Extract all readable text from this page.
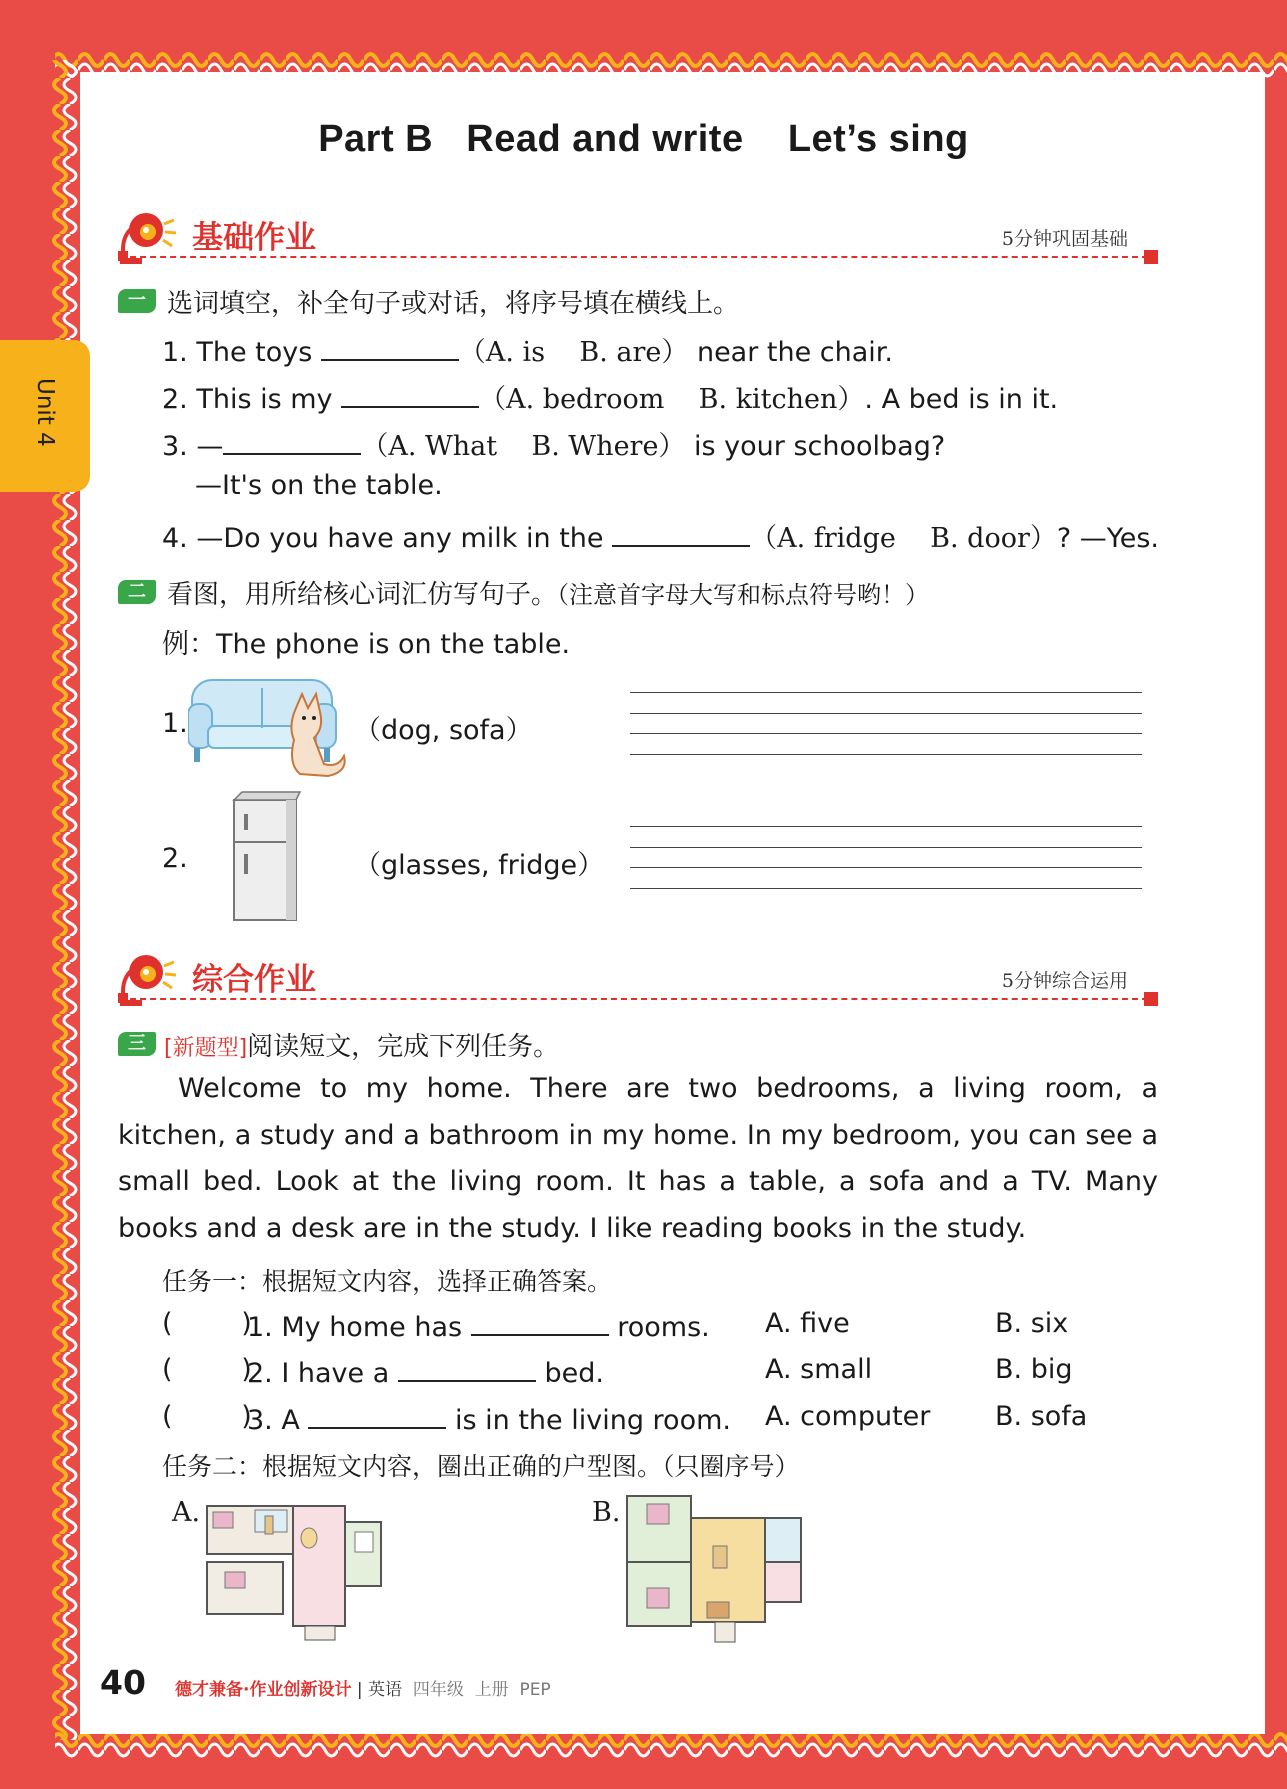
Unit 4
Part B   Read and write    Let’s sing
基础作业	5分钟巩固基础
一 选词填空，补全句子或对话，将序号填在横线上。
1. The toys	（A. is    B. are） near the chair.
2. This is my	（A. bedroom    B. kitchen）. A bed is in it.
3. —	（A. What    B. Where） is your schoolbag?
—It's on the table.
4. —Do you have any milk in the	（A. fridge    B. door）? —Yes.
二 看图，用所给核心词汇仿写句子。（注意首字母大写和标点符号哟！）
例：The phone is on the table.
1.	（dog, sofa）
2.	（glasses, fridge）
综合作业	5分钟综合运用
三 [新题型]阅读短文，完成下列任务。
Welcome to my home. There are two bedrooms, a living room, a kitchen, a study and a bathroom in my home. In my bedroom, you can see a small bed. Look at the living room. It has a table, a sofa and a TV. Many books and a desk are in the study. I like reading books in the study.
任务一：根据短文内容，选择正确答案。
(        )
1. My home has	rooms. A. five	B. six
(        )
2. I have a	bed.	A. small	B. big
(        )
3. A	is in the living room. A. computer B. sofa
任务二：根据短文内容，圈出正确的户型图。（只圈序号）
A.	B.
40 德才兼备·作业创新设计 | 英语 四年级  上册  PEP
